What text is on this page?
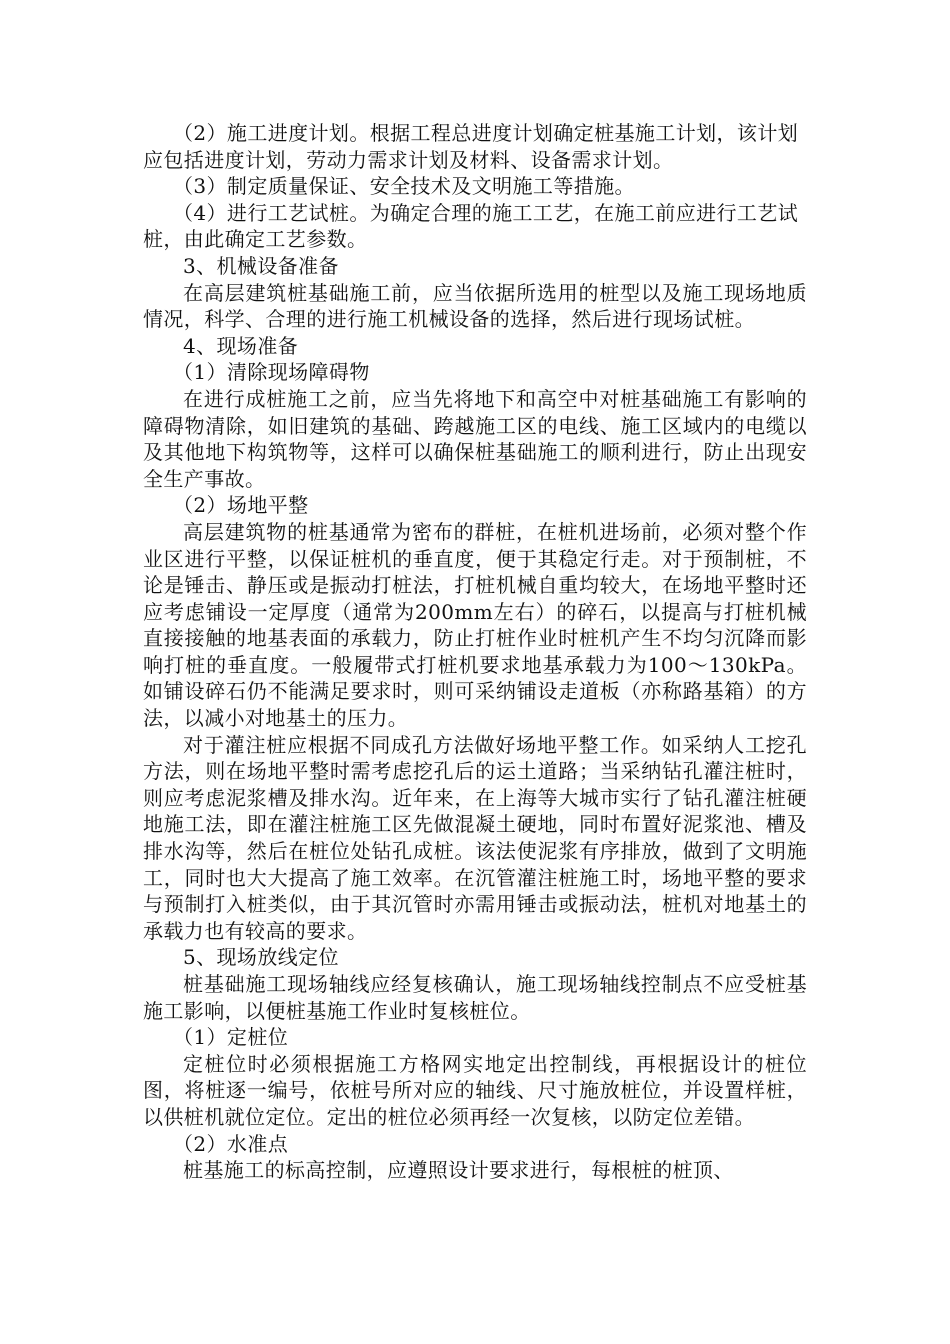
（2）施工进度计划。根据工程总进度计划确定桩基施工计划，该计划应包括进度计划，劳动力需求计划及材料、设备需求计划。

（3）制定质量保证、安全技术及文明施工等措施。

（4）进行工艺试桩。为确定合理的施工工艺，在施工前应进行工艺试桩，由此确定工艺参数。

3、机械设备准备

在高层建筑桩基础施工前，应当依据所选用的桩型以及施工现场地质情况，科学、合理的进行施工机械设备的选择，然后进行现场试桩。

4、现场准备

（1）清除现场障碍物

在进行成桩施工之前，应当先将地下和高空中对桩基础施工有影响的障碍物清除，如旧建筑的基础、跨越施工区的电线、施工区域内的电缆以及其他地下构筑物等，这样可以确保桩基础施工的顺利进行，防止出现安全生产事故。

（2）场地平整

高层建筑物的桩基通常为密布的群桩，在桩机进场前，必须对整个作业区进行平整，以保证桩机的垂直度，便于其稳定行走。对于预制桩，不论是锤击、静压或是振动打桩法，打桩机械自重均较大，在场地平整时还应考虑铺设一定厚度（通常为200mm左右）的碎石，以提高与打桩机械直接接触的地基表面的承载力，防止打桩作业时桩机产生不均匀沉降而影响打桩的垂直度。一般履带式打桩机要求地基承载力为100～130kPa。如铺设碎石仍不能满足要求时，则可采纳铺设走道板（亦称路基箱）的方法，以减小对地基土的压力。

对于灌注桩应根据不同成孔方法做好场地平整工作。如采纳人工挖孔方法，则在场地平整时需考虑挖孔后的运土道路；当采纳钻孔灌注桩时，则应考虑泥浆槽及排水沟。近年来，在上海等大城市实行了钻孔灌注桩硬地施工法，即在灌注桩施工区先做混凝土硬地，同时布置好泥浆池、槽及排水沟等，然后在桩位处钻孔成桩。该法使泥浆有序排放，做到了文明施工，同时也大大提高了施工效率。在沉管灌注桩施工时，场地平整的要求与预制打入桩类似，由于其沉管时亦需用锤击或振动法，桩机对地基土的承载力也有较高的要求。

5、现场放线定位

桩基础施工现场轴线应经复核确认，施工现场轴线控制点不应受桩基施工影响，以便桩基施工作业时复核桩位。

（1）定桩位

定桩位时必须根据施工方格网实地定出控制线，再根据设计的桩位图，将桩逐一编号，依桩号所对应的轴线、尺寸施放桩位，并设置样桩，以供桩机就位定位。定出的桩位必须再经一次复核，以防定位差错。

（2）水准点

桩基施工的标高控制，应遵照设计要求进行，每根桩的桩顶、
